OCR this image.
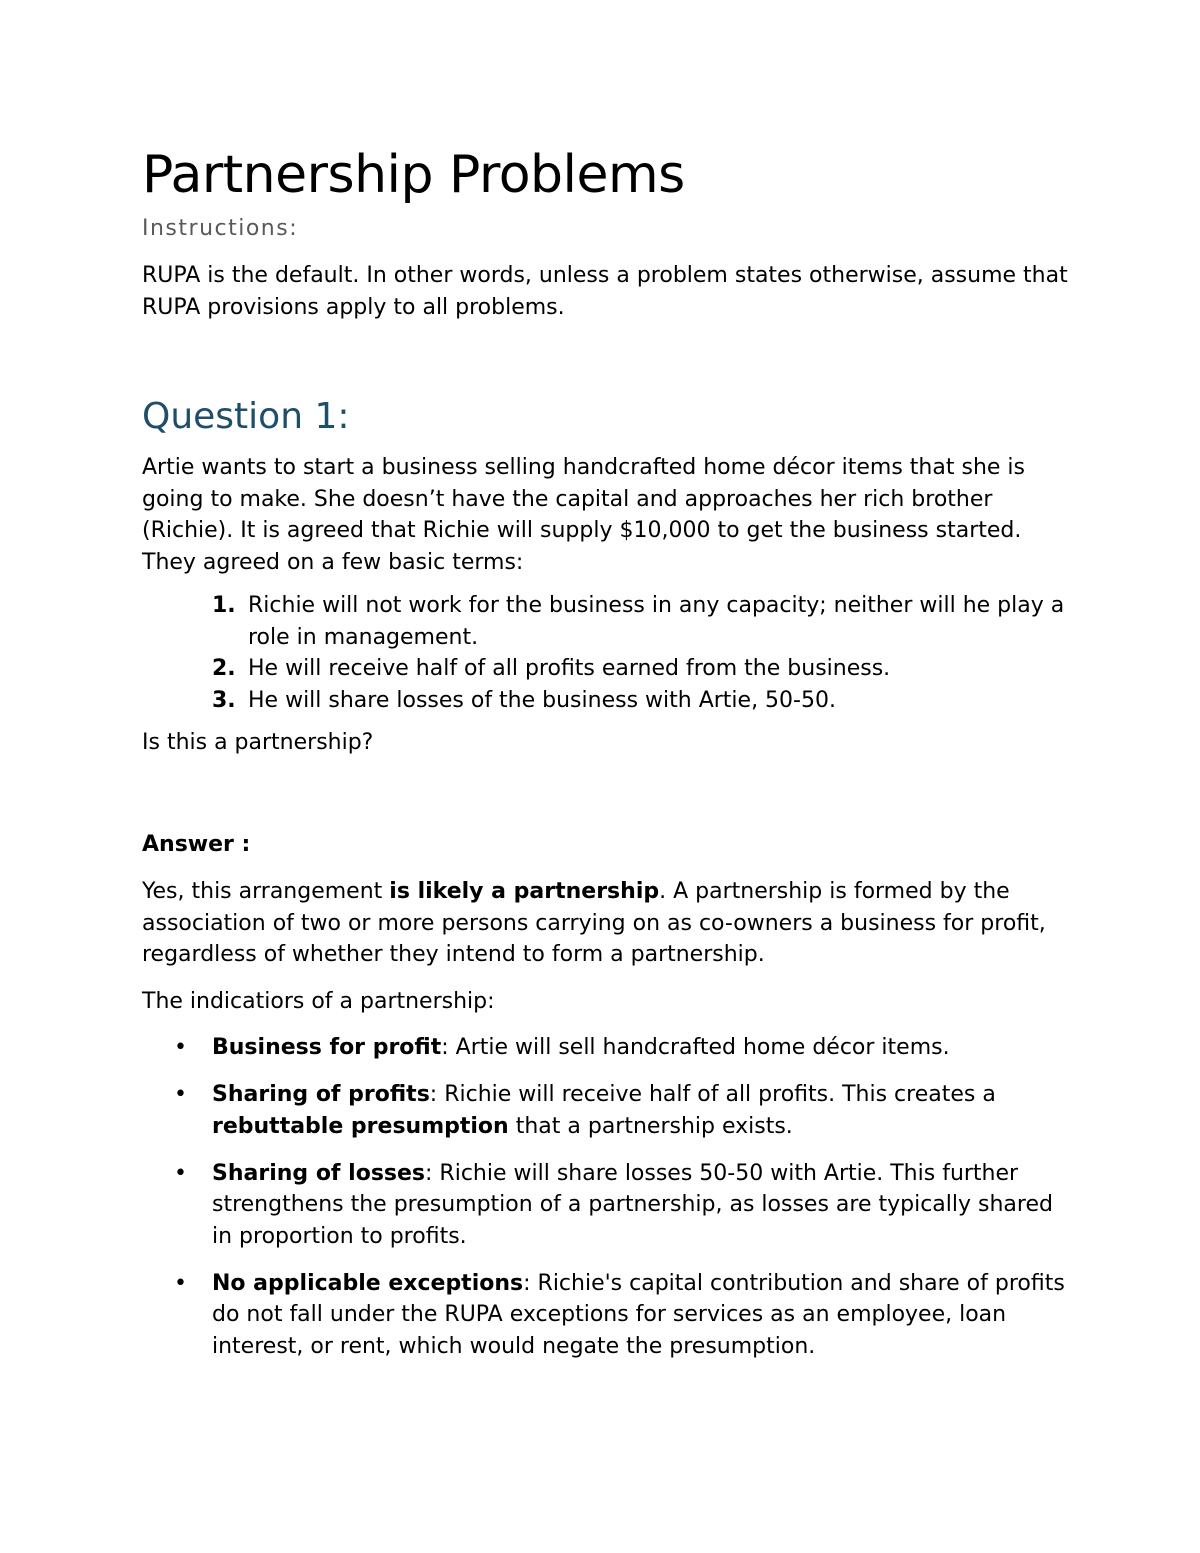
Partnership Problems
Instructions:

RUPA is the default. In other words, unless a problem states otherwise, assume that RUPA provisions apply to all problems.

Question 1:

Artie wants to start a business selling handcrafted home décor items that she is going to make. She doesn’t have the capital and approaches her rich brother (Richie). It is agreed that Richie will supply $10,000 to get the business started. They agreed on a few basic terms:

1. Richie will not work for the business in any capacity; neither will he play a role in management.
2. He will receive half of all profits earned from the business.
3. He will share losses of the business with Artie, 50-50.

Is this a partnership?

Answer :

Yes, this arrangement is likely a partnership. A partnership is formed by the association of two or more persons carrying on as co-owners a business for profit, regardless of whether they intend to form a partnership.

The indicatiors of a partnership:

• Business for profit: Artie will sell handcrafted home décor items.
• Sharing of profits: Richie will receive half of all profits. This creates a rebuttable presumption that a partnership exists.
• Sharing of losses: Richie will share losses 50-50 with Artie. This further strengthens the presumption of a partnership, as losses are typically shared in proportion to profits.
• No applicable exceptions: Richie's capital contribution and share of profits do not fall under the RUPA exceptions for services as an employee, loan interest, or rent, which would negate the presumption.
